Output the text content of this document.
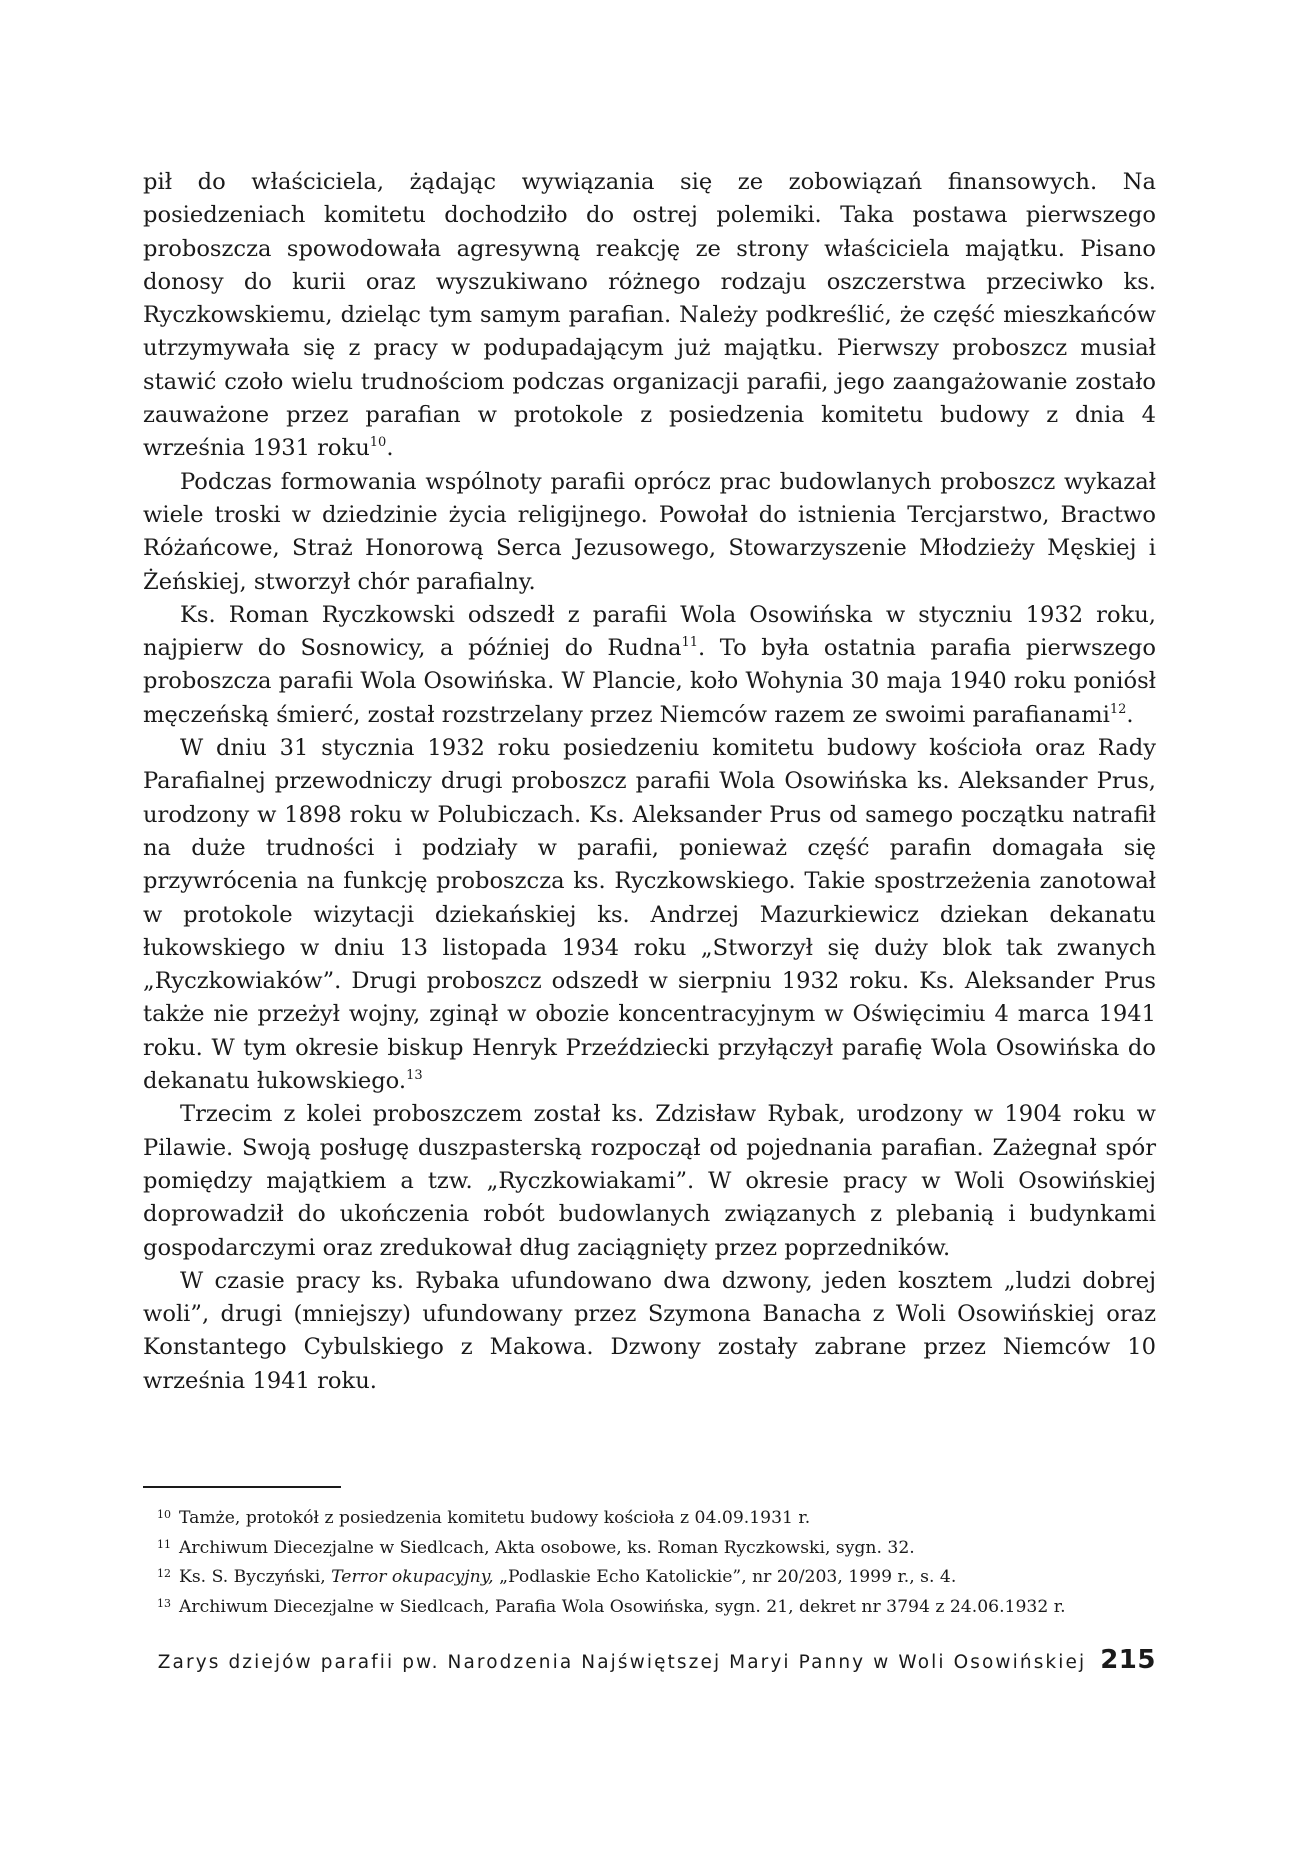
pił do właściciela, żądając wywiązania się ze zobowiązań finansowych. Na posiedzeniach komitetu dochodziło do ostrej polemiki. Taka postawa pierwszego proboszcza spowodowała agresywną reakcję ze strony właściciela majątku. Pisano donosy do kurii oraz wyszukiwano różnego rodzaju oszczerstwa przeciwko ks. Ryczkowskiemu, dzieląc tym samym parafian. Należy podkreślić, że część mieszkańców utrzymywała się z pracy w podupadającym już majątku. Pierwszy proboszcz musiał stawić czoło wielu trudnościom podczas organizacji parafii, jego zaangażowanie zostało zauważone przez parafian w protokole z posiedzenia komitetu budowy z dnia 4 września 1931 roku$^{10}$.

Podczas formowania wspólnoty parafii oprócz prac budowlanych proboszcz wykazał wiele troski w dziedzinie życia religijnego. Powołał do istnienia Tercjarstwo, Bractwo Różańcowe, Straż Honorową Serca Jezusowego, Stowarzyszenie Młodzieży Męskiej i Żeńskiej, stworzył chór parafialny.

Ks. Roman Ryczkowski odszedł z parafii Wola Osowińska w styczniu 1932 roku, najpierw do Sosnowicy, a później do Rudna$^{11}$. To była ostatnia parafia pierwszego proboszcza parafii Wola Osowińska. W Plancie, koło Wohynia 30 maja 1940 roku poniósł męczeńską śmierć, został rozstrzelany przez Niemców razem ze swoimi parafianami$^{12}$.

W dniu 31 stycznia 1932 roku posiedzeniu komitetu budowy kościoła oraz Rady Parafialnej przewodniczy drugi proboszcz parafii Wola Osowińska ks. Aleksander Prus, urodzony w 1898 roku w Polubiczach. Ks. Aleksander Prus od samego początku natrafił na duże trudności i podziały w parafii, ponieważ część parafin domagała się przywrócenia na funkcję proboszcza ks. Ryczkowskiego. Takie spostrzeżenia zanotował w protokole wizytacji dziekańskiej ks. Andrzej Mazurkiewicz dziekan dekanatu łukowskiego w dniu 13 listopada 1934 roku „Stworzył się duży blok tak zwanych „Ryczkowiaków”. Drugi proboszcz odszedł w sierpniu 1932 roku. Ks. Aleksander Prus także nie przeżył wojny, zginął w obozie koncentracyjnym w Oświęcimiu 4 marca 1941 roku. W tym okresie biskup Henryk Przeździecki przyłączył parafię Wola Osowińska do dekanatu łukowskiego.$^{13}$

Trzecim z kolei proboszczem został ks. Zdzisław Rybak, urodzony w 1904 roku w Pilawie. Swoją posługę duszpasterską rozpoczął od pojednania parafian. Zażegnał spór pomiędzy majątkiem a tzw. „Ryczkowiakami”. W okresie pracy w Woli Osowińskiej doprowadził do ukończenia robót budowlanych związanych z plebanią i budynkami gospodarczymi oraz zredukował dług zaciągnięty przez poprzedników.

W czasie pracy ks. Rybaka ufundowano dwa dzwony, jeden kosztem „ludzi dobrej woli”, drugi (mniejszy) ufundowany przez Szymona Banacha z Woli Osowińskiej oraz Konstantego Cybulskiego z Makowa. Dzwony zostały zabrane przez Niemców 10 września 1941 roku.

$^{10}$ Tamże, protokół z posiedzenia komitetu budowy kościoła z 04.09.1931 r.

$^{11}$ Archiwum Diecezjalne w Siedlcach, Akta osobowe, ks. Roman Ryczkowski, sygn. 32.

$^{12}$ Ks. S. Byczyński, Terror okupacyjny, „Podlaskie Echo Katolickie”, nr 20/203, 1999 r., s. 4.

$^{13}$ Archiwum Diecezjalne w Siedlcach, Parafia Wola Osowińska, sygn. 21, dekret nr 3794 z 24.06.1932 r.

Zarys dziejów parafii pw. Narodzenia Najświętszej Maryi Panny w Woli Osowińskiej 215
